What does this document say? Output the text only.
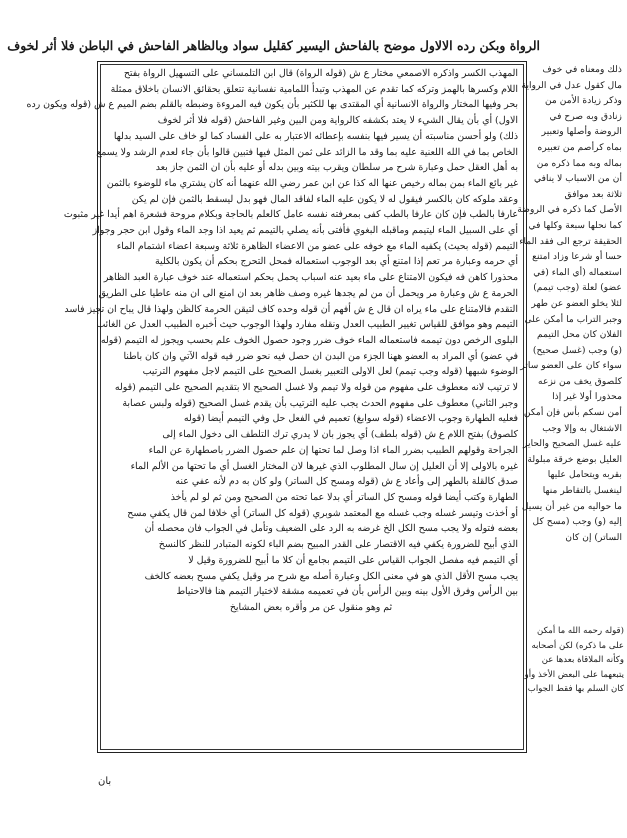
الرواة وبكن رده الالاول موضح بالفاحش اليسير كقليل سواد وبالظاهر الفاحش في الباطن فلا أثر لخوف
المهذب الكسر واذكره الاصمعي مختار ع ش (قوله الرواة) قال ابن التلمساني على التسهيل الرواة بفتح
اللام وكسرها بالهمز وتركه كما تقدم عن المهذب وتبدأ اللمامية نفسانية تتعلق بحقائق الانسان باخلاق ممثلة
بحر وفيها المختار والرواة الانسانية أي المقتدى بها للكثير بأن يكون فيه المروءة وضبطه بالقلم بضم الميم ع ش (قوله ويكون رده
الاول) أي بأن يقال الشيء لا يعتد بكشفه كالرواية ومن البين وغير الفاحش (قوله فلا أثر لخوف
ذلك) ولو أحسن مناسبته أن يسير فيها بنفسه بإعطائه الاعتبار به على الفساد كما لو خاف على السيد بدلها
الخاص بما في الله اللعنية عليه بما وقد ما الزائد على ثمن المثل فيها فتبين قالوا بأن جاء لعدم الرشد ولا يسمع
به أهل العقل حمل وعبارة شرح مر سلطان ويقرب بيته وبين بدله أو عليه بأن ان الثمن جاز بعد
غير بائع الماء بمن بماله رخيص عنها اله كذا عن ابن عمر رضي الله عنهما أنه كان يشتري ماء للوضوء بالثمن
وعقد ملوكه كان بالكسر فيقول له لا يكون عليه الماء لفاقد المال فهو بدل ليسقط بالثمن فإن لم يكن
عارفا بالطب فإن كان عارفا بالطب كفى بمعرفته نفسه عامل كالعلم بالحاجة وبكلام مروحة فشعرة اهم أيدا غير مثبوت
أي على السبيل الماء ليتيمم وماقبله البغوي فأفتى بأنه يصلي بالتيمم ثم يعيد اذا وجد الماء وقول ابن حجر وجواز
التيمم (قوله بحيث) يكفيه الماء مع خوفه على عضو من الاعضاء الظاهرة ثلاثة وسبعة اعضاء اشتمام الماء
أي حرمه وعبارة مر تعم إذا امتنع أي بعد الوجوب استعماله فمحل التحرج بحكم أن يكون بالكلية
محذورا كاهن فه فيكون الامتناع على ماء بعيد عنه اسباب يحمل بحكم استعماله عند خوف عبارة العبد الظاهر
الحرمة ع ش وعبارة مر ويحمل أن من لم يجدها غيره وصف ظاهر بعد ان امنع الى ان منه عاطيا على الطريق
التقدم فالامتناع على ماء يراه ان قال ع ش أفهم أن قوله وحده كاف لتيقن الحرمة كالظن ولهذا قال يباح ان تجيز فاسد
التيمم وهو موافق للقياس تغيير الطبيب العدل ونقله مفارد ولهذا الوجوب حيث أخبره الطبيب العدل عن الغائب
البلوى الرخص دون تيممه فاستعماله الماء خوف ضرر وجود حصول الخوف علم بحسب ويجوز له التيمم (قوله
في عضو) أي المراد به العضو ههنا الجزء من البدن ان حصل فيه نحو ضرر فيه قوله الآتي وان كان باطنا
الوضوء شبهها (قوله وجب تيمم) لعل الاولى التعبير بغسل الصحيح على التيمم لاجل مفهوم الترتيب
لا ترتيب لانه معطوف على مفهوم من قوله ولا تيمم ولا غسل الصحيح الا بتقديم الصحيح على التيمم (قوله
وجبر الثاني) معطوف على مفهوم الحدث يجب عليه الترتيب بأن يقدم غسل الصحيح (قوله ولبس عصابة
فعليه الطهارة وجوب الاعضاء (قوله سوابغ) تعميم في الفعل حل وفي التيمم أيضا (قوله
كلصوق) بفتح اللام ع ش (قوله بلطف) أي يجوز بان لا يدري ترك التلطف الى دخول الماء إلى
الجراحة وقولهم الطبيب بضرر الماء اذا وصل لما تحتها إن علم حصول الضرر باصطهارة عن الماء
غيره بالاولى إلا أن العليل إن سال المطلوب الذي غيرها لان المختار الغسل أي ما تحتها من الألم الماء
صدق كالقلة بالطهر إلى وأعاد ع ش (قوله ومسح كل الساتر) ولو كان به دم لأنه عفي عنه
الطهارة وكتب أيضا قوله ومسح كل الساتر أي بدلا عما تحته من الصحيح ومن ثم لو لم يأخذ
أو أخذت وتيسر غسله وجب غسله مع المعتمد شوبري (قوله كل الساتر) أي خلافا لمن قال يكفي مسح
بعضه فتوله ولا يجب مسح الكل الخ غرضه به الرد على الضعيف وتأمل في الجواب فان محصله أن
الذي أبيح للضرورة يكفي فيه الاقتصار على القدر المبيح بضم الباء لكونه المتبادر للنظر كالنسخ
أي التيمم فيه مفصل الجواب القياس على التيمم بجامع أن كلا ما أبيح للضرورة وقيل لا
يجب مسح الأقل الذي هو في معنى الكل وعبارة أصله مع شرح مر وقيل يكفي مسح بعضه كالخف
بين الرأس وفرق الأول بينه وبين الرأس بأن في تعميمه مشقة لاختيار التيمم هنا فالاحتياط
ثم وهو منقول عن مر وأقره بعض المشايخ
ذلك ومعناه في خوف
مال كقول عدل في الرواية
وذكر زيادة الأمن من
زنادق وبه صرح في
الروضة وأصلها وتعبير
بماه كرأصم من تعبيره
بماله وبه مما ذكره من
أن من الاسباب لا ينافي
ثلاثة بعد موافق
الأصل كما ذكره في الروضة
كما نحلها سبعة وكلها في
الحقيقة ترجع الى فقد الماء
حسا أو شرعا وزاد امتنع
استعماله (أي الماء (في
عضو) لعلة (وجب تيمم)
لئلا يخلو العضو عن طهر
وجبر التراب ما أمكن على
الفلان كان محل التيمم
(و) وجب (غسل صحيح)
سواء كان على العضو ساتر
كلصوق يخف من نزعه
محذورا أولا غير إذا
أمن نسكم بأس فإن أمكن
الاشتغال به وإلا وجب
عليه غسل الصحيح والحاير
العليل بوضع خرقة مبلولة
بقربه ويتحامل عليها
لينغسل بالتقاطر منها
ما حواليه من غير أن يسيل
إليه (و) وجب (مسح كل
الساتر) إن كان
(قوله رحمه الله ما أمكن
على ما ذكره) لكن أصحابه
وكأنه الملاقاة بعدها عن
يتبعهما على البعض الأخذ وأو
كان السلم بها فقط الجواب
بان
